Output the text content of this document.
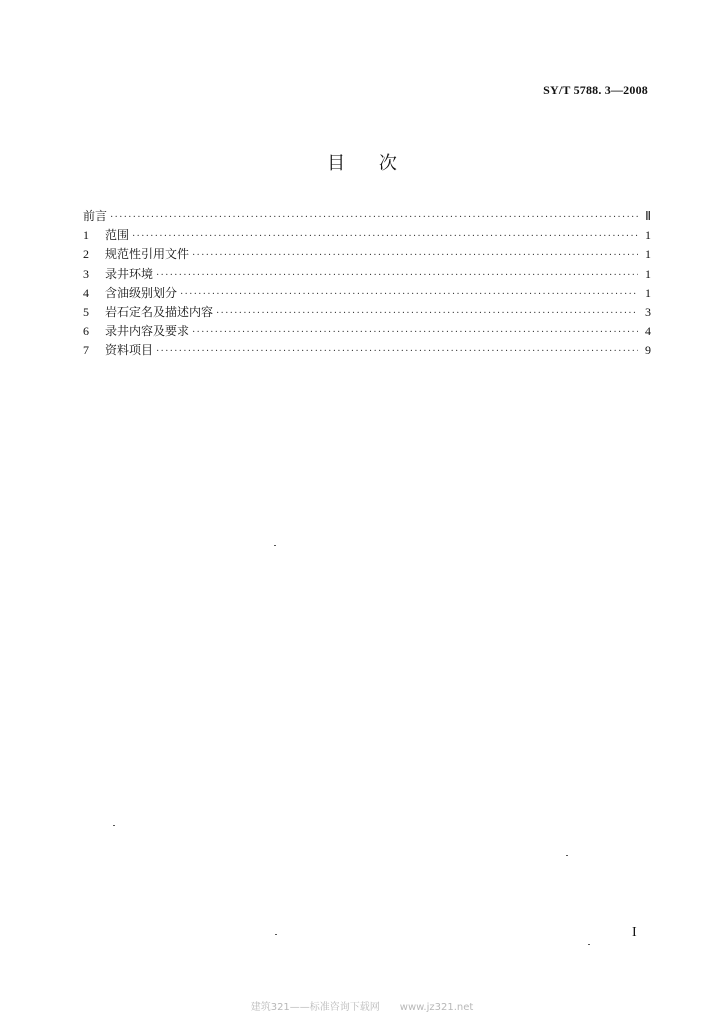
SY/T 5788. 3—2008
目 次
前言 ·····	Ⅱ
1	范围 ·····	1
2	规范性引用文件 ·····	1
3	录井环境 ·····	1
4	含油级别划分 ·····	1
5	岩石定名及描述内容 ·····	3
6	录井内容及要求 ·····	4
7	资料项目 ·····	9
I
建筑321——标准咨询下载网　　www.jz321.net
